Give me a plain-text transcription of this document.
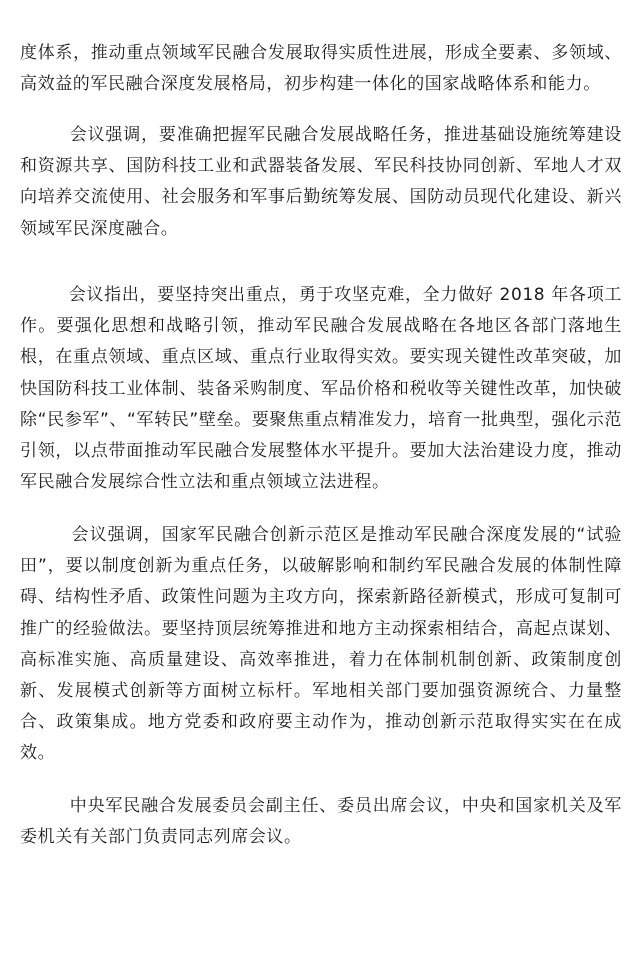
度体系，推动重点领域军民融合发展取得实质性进展，形成全要素、多领域、高效益的军民融合深度发展格局，初步构建一体化的国家战略体系和能力。

会议强调，要准确把握军民融合发展战略任务，推进基础设施统筹建设和资源共享、国防科技工业和武器装备发展、军民科技协同创新、军地人才双向培养交流使用、社会服务和军事后勤统筹发展、国防动员现代化建设、新兴领域军民深度融合。

会议指出，要坚持突出重点，勇于攻坚克难，全力做好 2018 年各项工作。要强化思想和战略引领，推动军民融合发展战略在各地区各部门落地生根，在重点领域、重点区域、重点行业取得实效。要实现关键性改革突破，加快国防科技工业体制、装备采购制度、军品价格和税收等关键性改革，加快破除“民参军”、“军转民”壁垒。要聚焦重点精准发力，培育一批典型，强化示范引领，以点带面推动军民融合发展整体水平提升。要加大法治建设力度，推动军民融合发展综合性立法和重点领域立法进程。

会议强调，国家军民融合创新示范区是推动军民融合深度发展的“试验田”，要以制度创新为重点任务，以破解影响和制约军民融合发展的体制性障碍、结构性矛盾、政策性问题为主攻方向，探索新路径新模式，形成可复制可推广的经验做法。要坚持顶层统筹推进和地方主动探索相结合，高起点谋划、高标准实施、高质量建设、高效率推进，着力在体制机制创新、政策制度创新、发展模式创新等方面树立标杆。军地相关部门要加强资源统合、力量整合、政策集成。地方党委和政府要主动作为，推动创新示范取得实实在在成效。

中央军民融合发展委员会副主任、委员出席会议，中央和国家机关及军委机关有关部门负责同志列席会议。
